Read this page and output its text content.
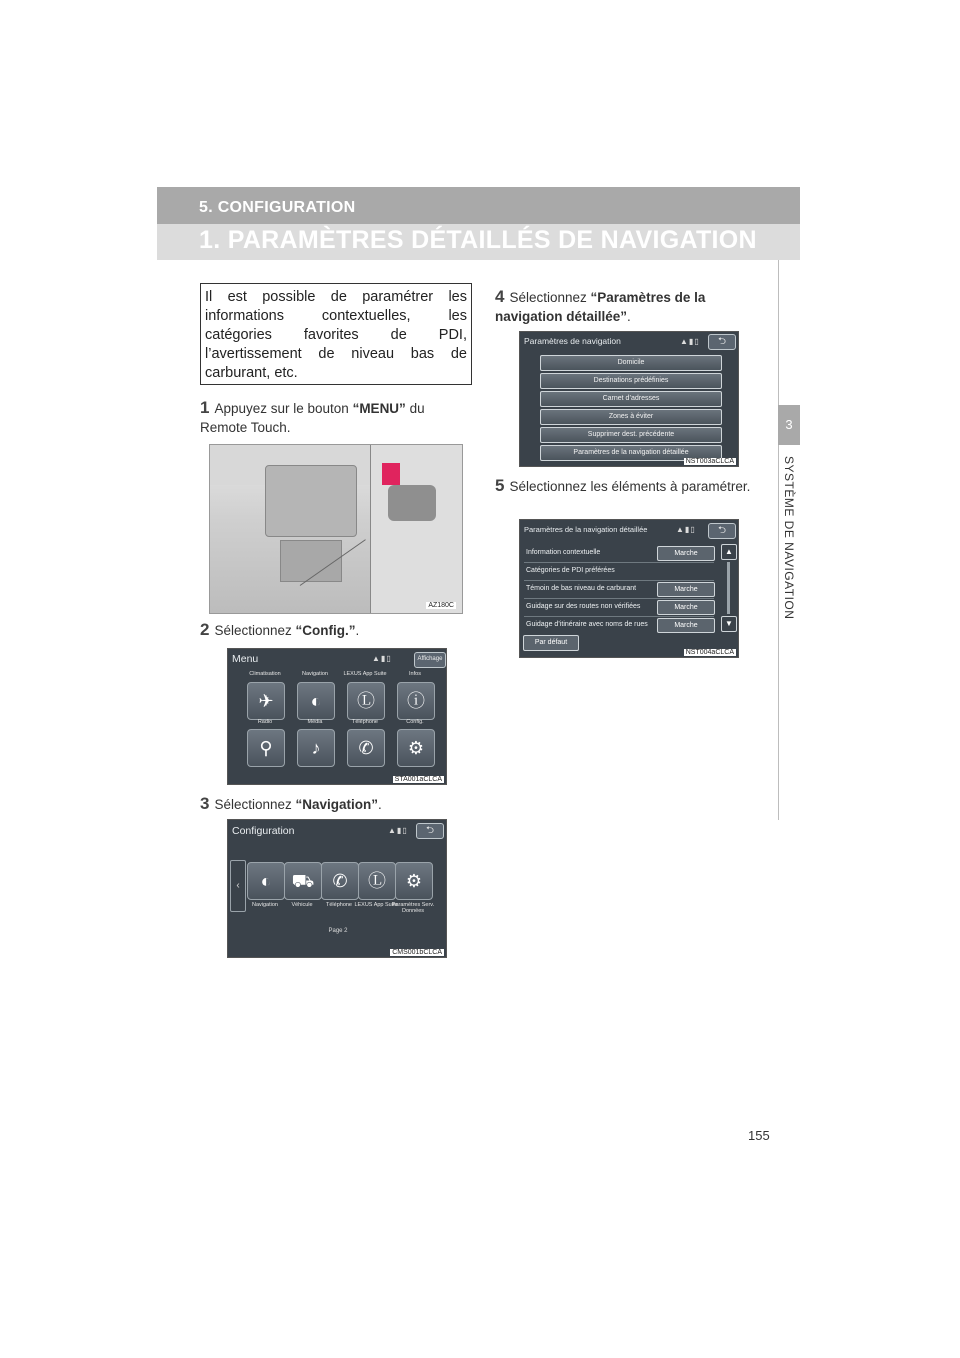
5. CONFIGURATION
1. PARAMÈTRES DÉTAILLÉS DE NAVIGATION
3
SYSTÈME DE NAVIGATION
Il est possible de paramétrer les informations contextuelles, les catégories favorites de PDI, l’avertissement de niveau bas de carburant, etc.
1 Appuyez sur le bouton “MENU” du Remote Touch.
AZ180C
2 Sélectionnez “Config.”.
Menu	▲▮▯	Affichage
Climatisation	Navigation	LEXUS App Suite	Infos
✈	◐	Ⓛ	ⓘ
Radio	Média	Téléphone	Config.
⚲	♪	✆	⚙
STA001aCLCA
3 Sélectionnez “Navigation”.
Configuration	▲▮▯	⮌
‹	◐	⛟	✆	Ⓛ	⚙
Navigation	Véhicule	Téléphone LEXUS App Suite
Paramètres Serv. Données
Page 2
CMS001bCLCA
4 Sélectionnez “Paramètres de la navigation détaillée”.
Paramètres de navigation	▲▮▯	⮌
Domicile
Destinations prédéfinies
Carnet d’adresses
Zones à éviter
Supprimer dest. précédente
Paramètres de la navigation détaillée
NST003aCLCA
5 Sélectionnez les éléments à paramétrer.
Paramètres de la navigation détaillée	▲▮▯	⮌
Information contextuelle	Marche
Catégories de PDI préférées
Témoin de bas niveau de carburant	Marche
Guidage sur des routes non vérifiées	Marche
Guidage d’itinéraire avec noms de rues	Marche
▲
▼
Par défaut
NST004aCLCA
155
